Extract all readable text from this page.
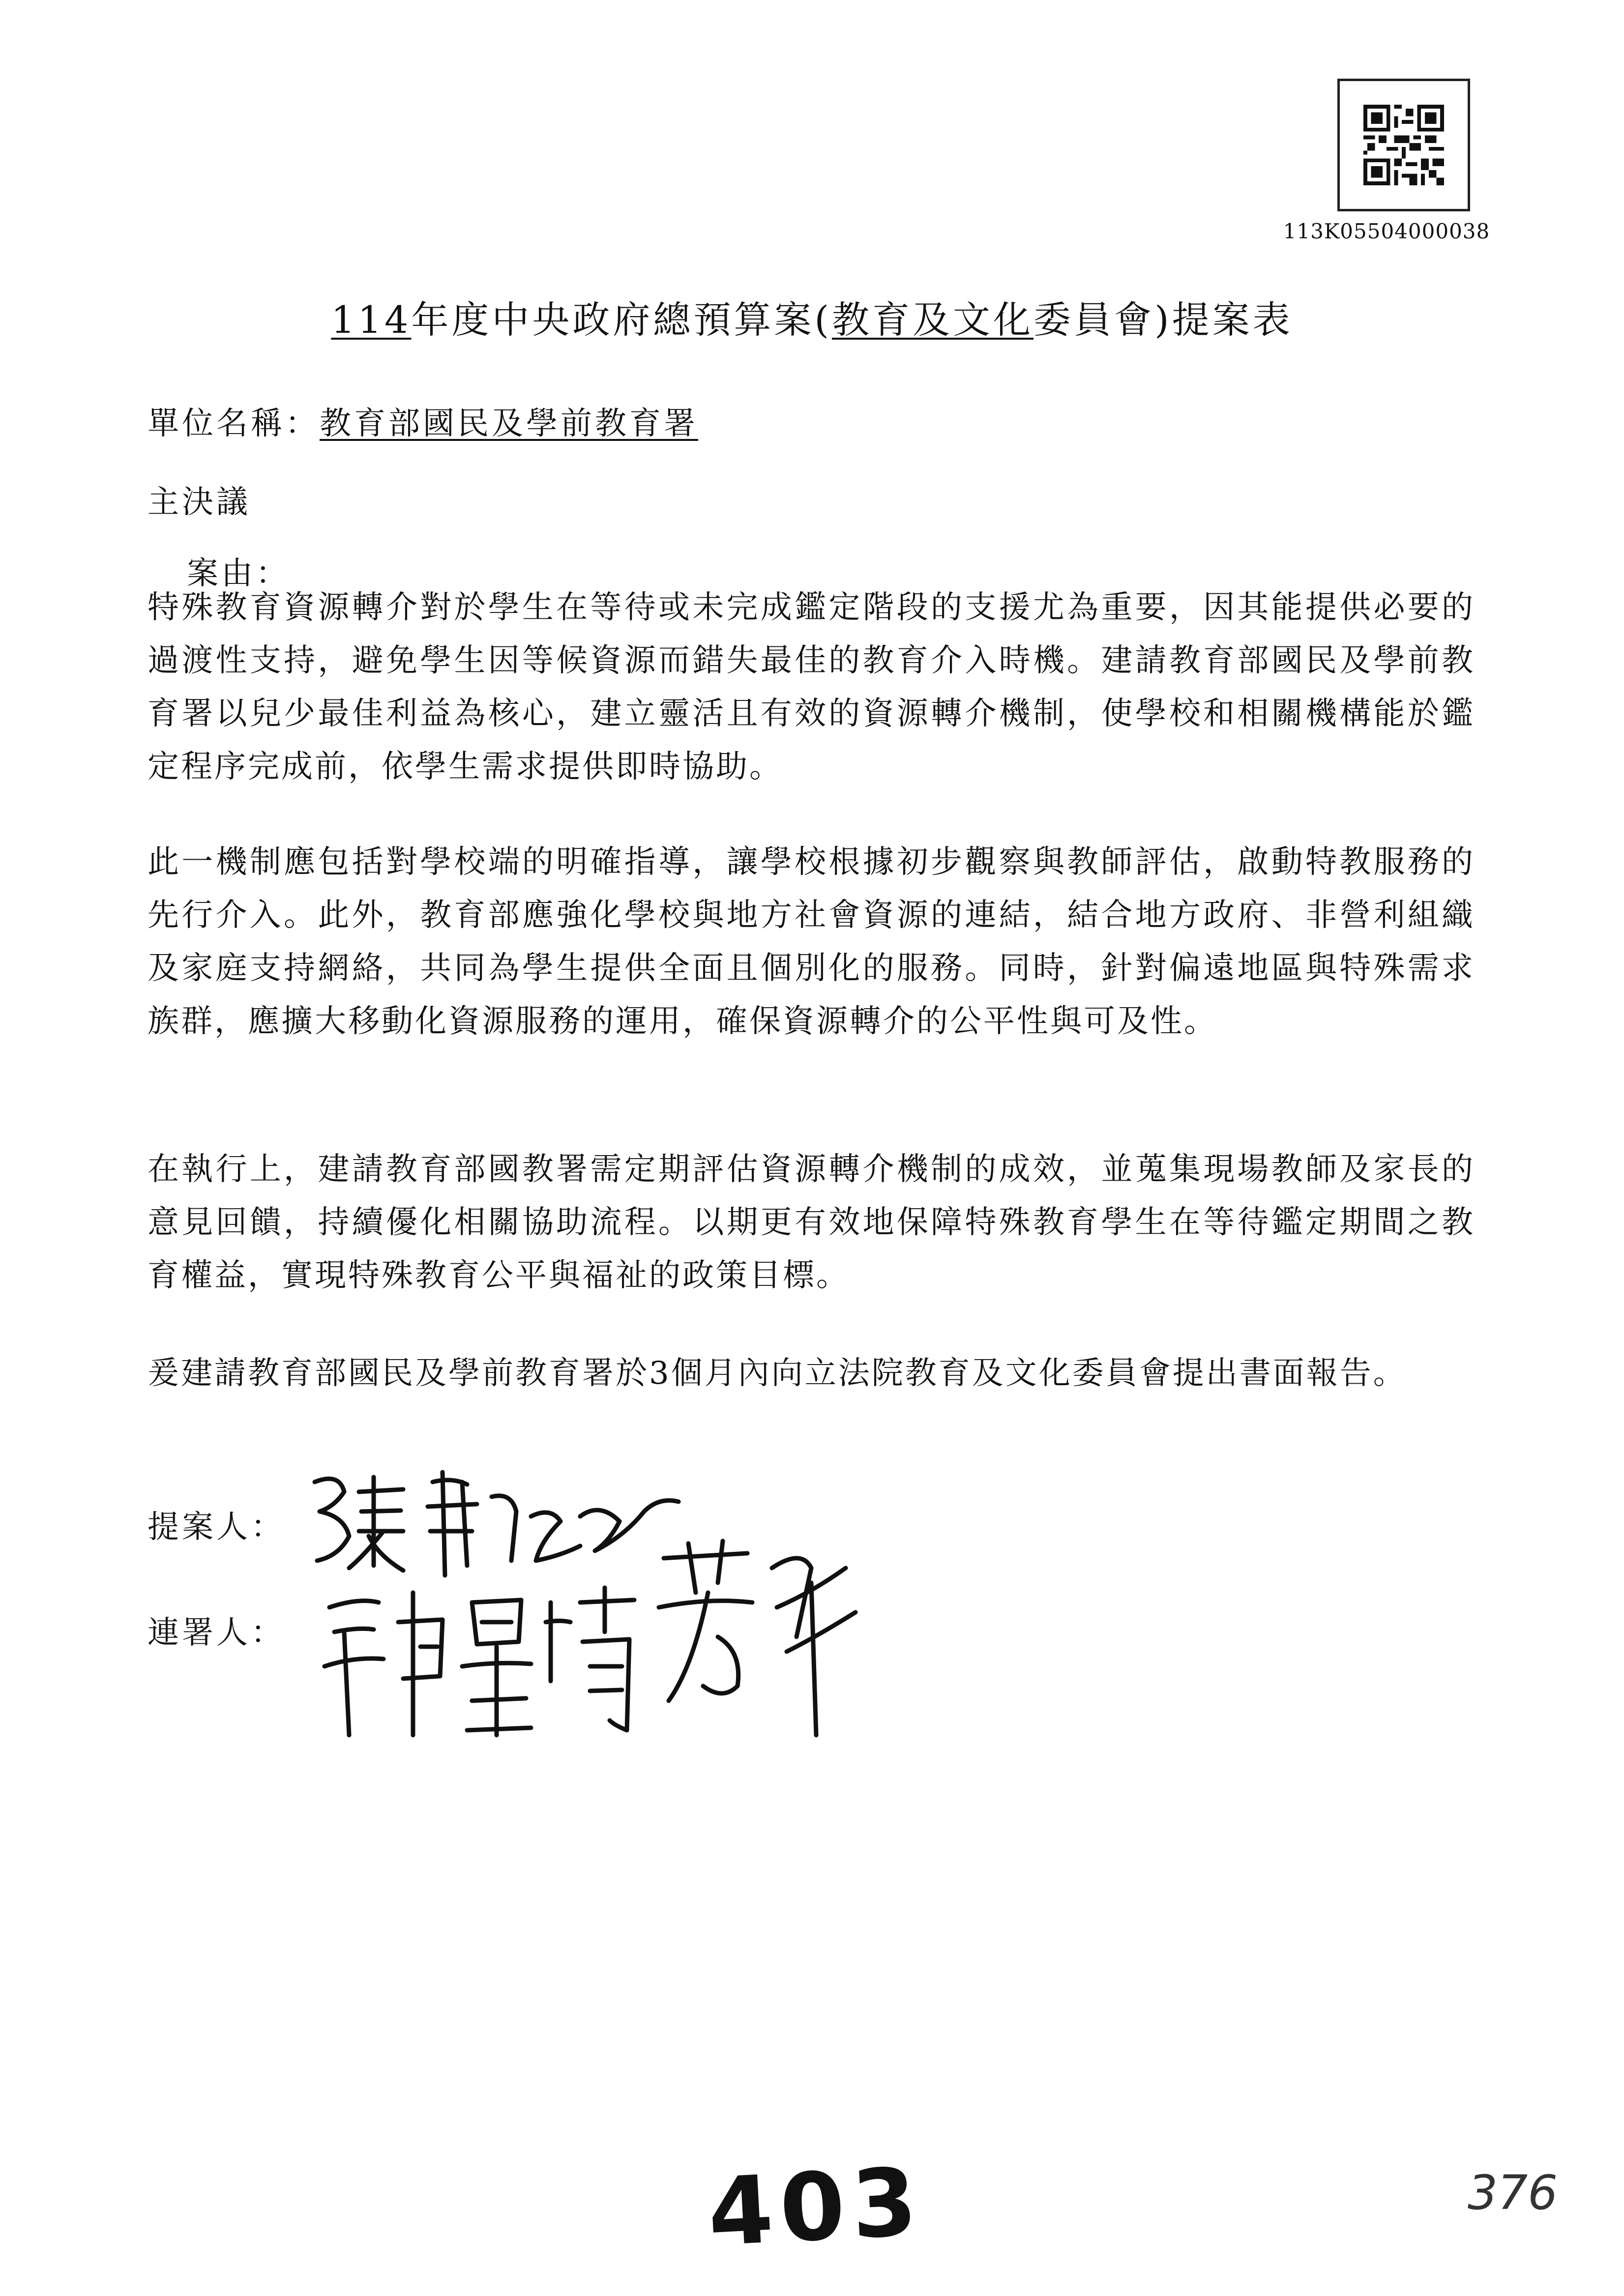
113K05504000038
114年度中央政府總預算案(教育及文化委員會)提案表
單位名稱：教育部國民及學前教育署
主決議
案由：
特殊教育資源轉介對於學生在等待或未完成鑑定階段的支援尤為重要，因其能提供必要的過渡性支持，避免學生因等候資源而錯失最佳的教育介入時機。建請教育部國民及學前教育署以兒少最佳利益為核心，建立靈活且有效的資源轉介機制，使學校和相關機構能於鑑定程序完成前，依學生需求提供即時協助。
此一機制應包括對學校端的明確指導，讓學校根據初步觀察與教師評估，啟動特教服務的先行介入。此外，教育部應強化學校與地方社會資源的連結，結合地方政府、非營利組織及家庭支持網絡，共同為學生提供全面且個別化的服務。同時，針對偏遠地區與特殊需求族群，應擴大移動化資源服務的運用，確保資源轉介的公平性與可及性。
在執行上，建請教育部國教署需定期評估資源轉介機制的成效，並蒐集現場教師及家長的意見回饋，持續優化相關協助流程。以期更有效地保障特殊教育學生在等待鑑定期間之教育權益，實現特殊教育公平與福祉的政策目標。
爰建請教育部國民及學前教育署於3個月內向立法院教育及文化委員會提出書面報告。
提案人：
連署人：
403	376
